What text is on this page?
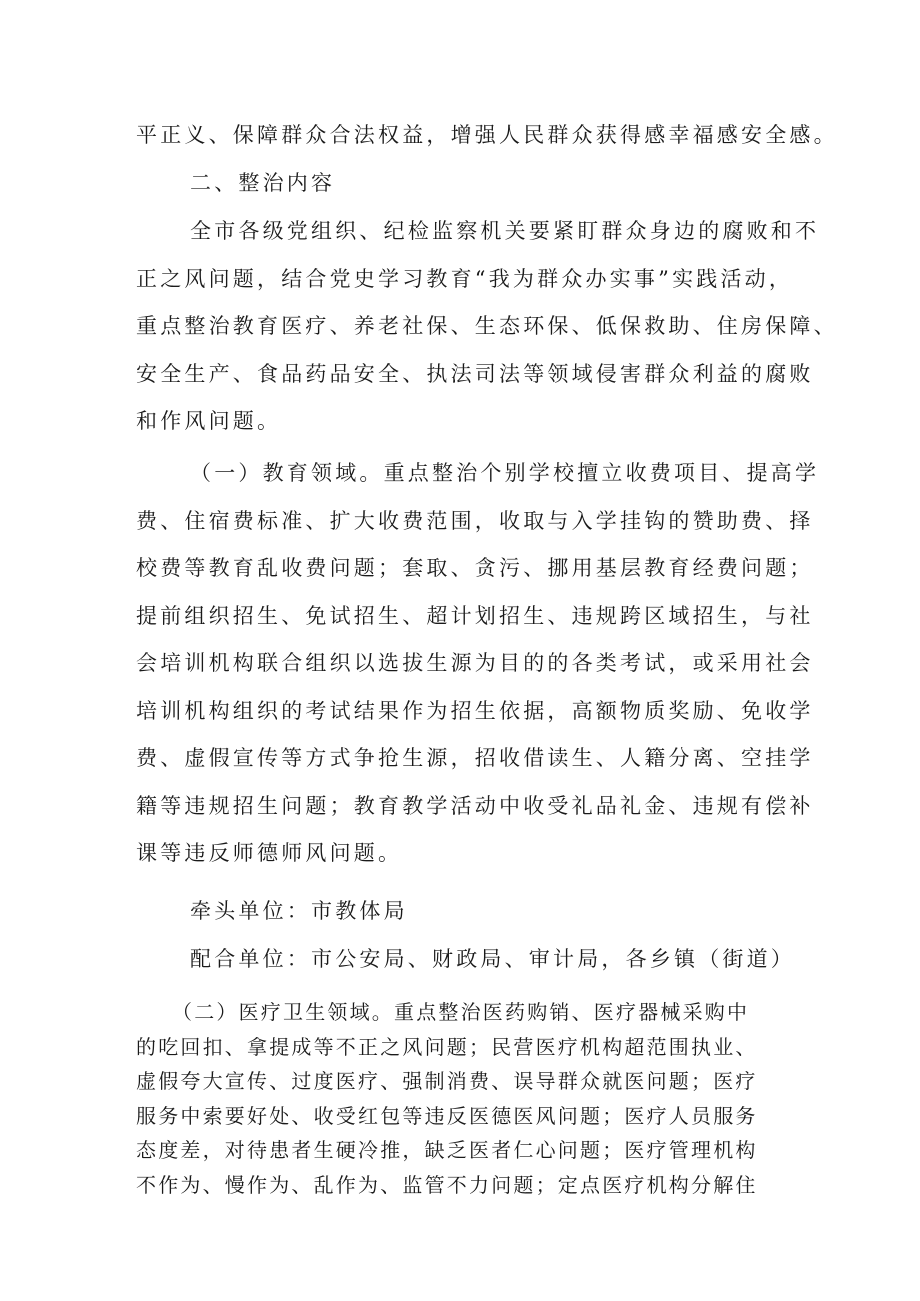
平正义、保障群众合法权益，增强人民群众获得感幸福感安全感。
二、整治内容
全市各级党组织、纪检监察机关要紧盯群众身边的腐败和不
正之风问题，结合党史学习教育“我为群众办实事”实践活动，
重点整治教育医疗、养老社保、生态环保、低保救助、住房保障、
安全生产、食品药品安全、执法司法等领域侵害群众利益的腐败
和作风问题。
（一）教育领域。重点整治个别学校擅立收费项目、提高学
费、住宿费标准、扩大收费范围，收取与入学挂钩的赞助费、择
校费等教育乱收费问题；套取、贪污、挪用基层教育经费问题；
提前组织招生、免试招生、超计划招生、违规跨区域招生，与社
会培训机构联合组织以选拔生源为目的的各类考试，或采用社会
培训机构组织的考试结果作为招生依据，高额物质奖励、免收学
费、虚假宣传等方式争抢生源，招收借读生、人籍分离、空挂学
籍等违规招生问题；教育教学活动中收受礼品礼金、违规有偿补
课等违反师德师风问题。
牵头单位：市教体局
配合单位：市公安局、财政局、审计局，各乡镇（街道）
（二）医疗卫生领域。重点整治医药购销、医疗器械采购中
的吃回扣、拿提成等不正之风问题；民营医疗机构超范围执业、
虚假夸大宣传、过度医疗、强制消费、误导群众就医问题；医疗
服务中索要好处、收受红包等违反医德医风问题；医疗人员服务
态度差，对待患者生硬冷推，缺乏医者仁心问题；医疗管理机构
不作为、慢作为、乱作为、监管不力问题；定点医疗机构分解住
